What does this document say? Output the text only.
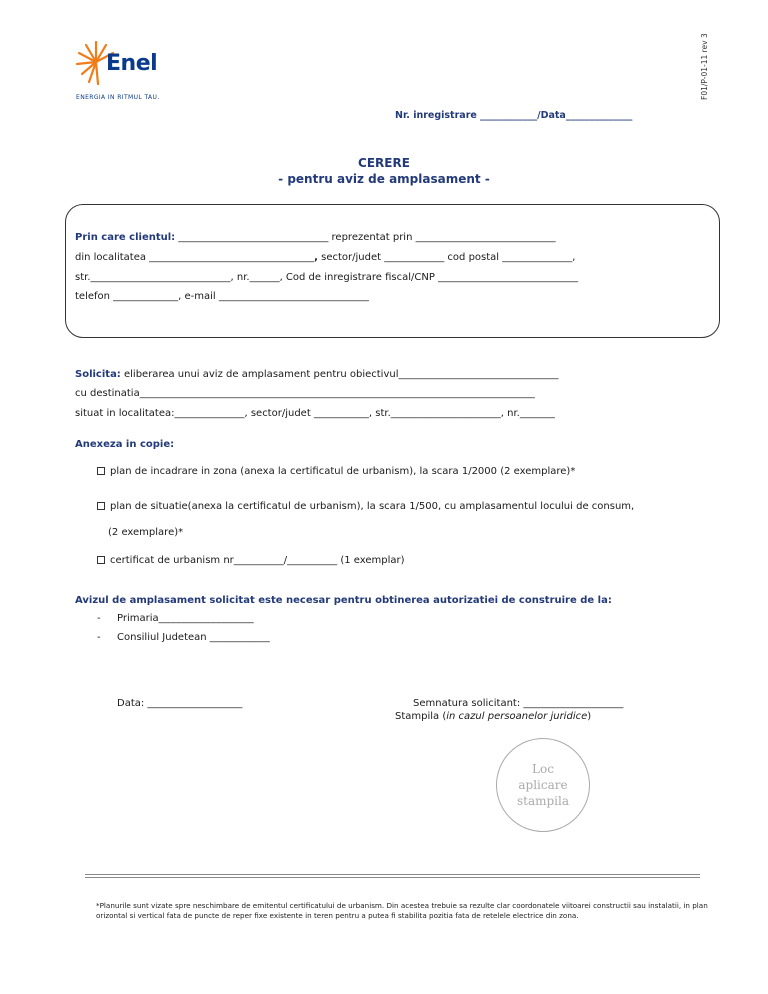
F01/P-01-11 rev 3
Enel
ENERGIA IN RITMUL TAU.
Nr. inregistrare ____________/Data______________
CERERE
- pentru aviz de amplasament -
Prin care clientul: ______________________________ reprezentat prin ____________________________
din localitatea _________________________________, sector/judet ____________ cod postal ______________,
str.____________________________, nr.______, Cod de inregistrare fiscal/CNP ____________________________
telefon _____________, e-mail ______________________________
Solicita: eliberarea unui aviz de amplasament pentru obiectivul________________________________
cu destinatia_______________________________________________________________________________
situat in localitatea:______________, sector/judet ___________, str.______________________, nr._______
Anexeza in copie:
plan de incadrare in zona (anexa la certificatul de urbanism), la scara 1/2000 (2 exemplare)*
plan de situatie(anexa la certificatul de urbanism), la scara 1/500, cu amplasamentul locului de consum,
(2 exemplare)*
certificat de urbanism nr__________/__________ (1 exemplar)
Avizul de amplasament solicitat este necesar pentru obtinerea autorizatiei de construire de la:
- Primaria___________________
- Consiliul Judetean ____________
Data: ___________________	Semnatura solicitant: ____________________
Stampila (in cazul persoanelor juridice)
Loc
aplicare
stampila
*Planurile sunt vizate spre neschimbare de emitentul certificatului de urbanism. Din acestea trebuie sa rezulte clar coordonatele viitoarei constructii sau instalatii, in plan orizontal si vertical fata de puncte de reper fixe existente in teren pentru a putea fi stabilita pozitia fata de retelele electrice din zona.
